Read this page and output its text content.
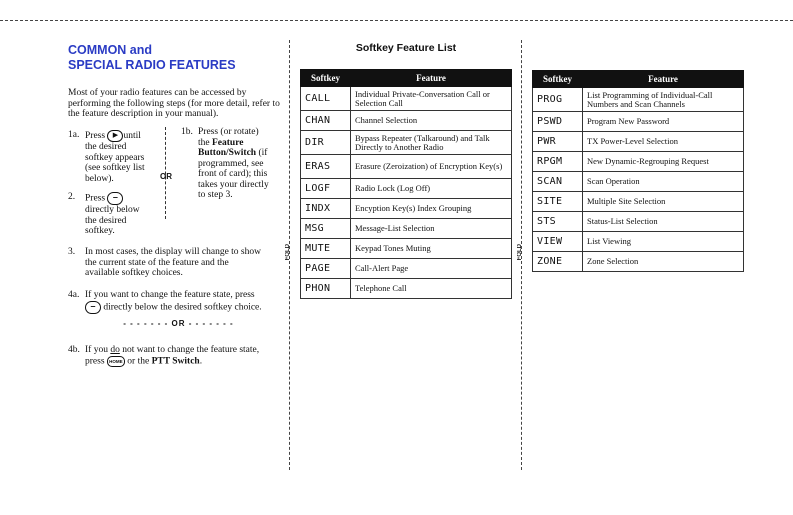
FOLD	FOLD
COMMON and
SPECIAL RADIO FEATURES
Most of your radio features can be accessed by performing the following steps (for more detail, refer to the feature description in your manual).
1a. Press ▶ until
the desired
softkey appears
(see softkey list
below).	OR
1b. Press (or rotate)
the Feature
Button/Switch (if
programmed, see
front of card); this
takes your directly
to step 3.
2. Press –
directly below
the desired
softkey.
3. In most cases, the display will change to show
the current state of the feature and the
available softkey choices.
4a. If you want to change the feature state, press
– directly below the desired softkey choice.
- - - - - - - OR - - - - - - -
4b. If you do not want to change the feature state,
press HOME or the PTT Switch.
Softkey Feature List
Softkey	Feature
CALL	Individual Private-Conversation Call or Selection Call
CHAN	Channel Selection
DIR	Bypass Repeater (Talkaround) and Talk Directly to Another Radio
ERAS	Erasure (Zeroization) of Encryption Key(s)
LOGF	Radio Lock (Log Off)
INDX	Encyption Key(s) Index Grouping
MSG	Message-List Selection
MUTE	Keypad Tones Muting
PAGE	Call-Alert Page
PHON	Telephone Call
Softkey	Feature
PROG	List Programming of Individual-Call Numbers and Scan Channels
PSWD	Program New Password
PWR	TX Power-Level Selection
RPGM	New Dynamic-Regrouping Request
SCAN	Scan Operation
SITE	Multiple Site Selection
STS	Status-List Selection
VIEW	List Viewing
ZONE	Zone Selection
